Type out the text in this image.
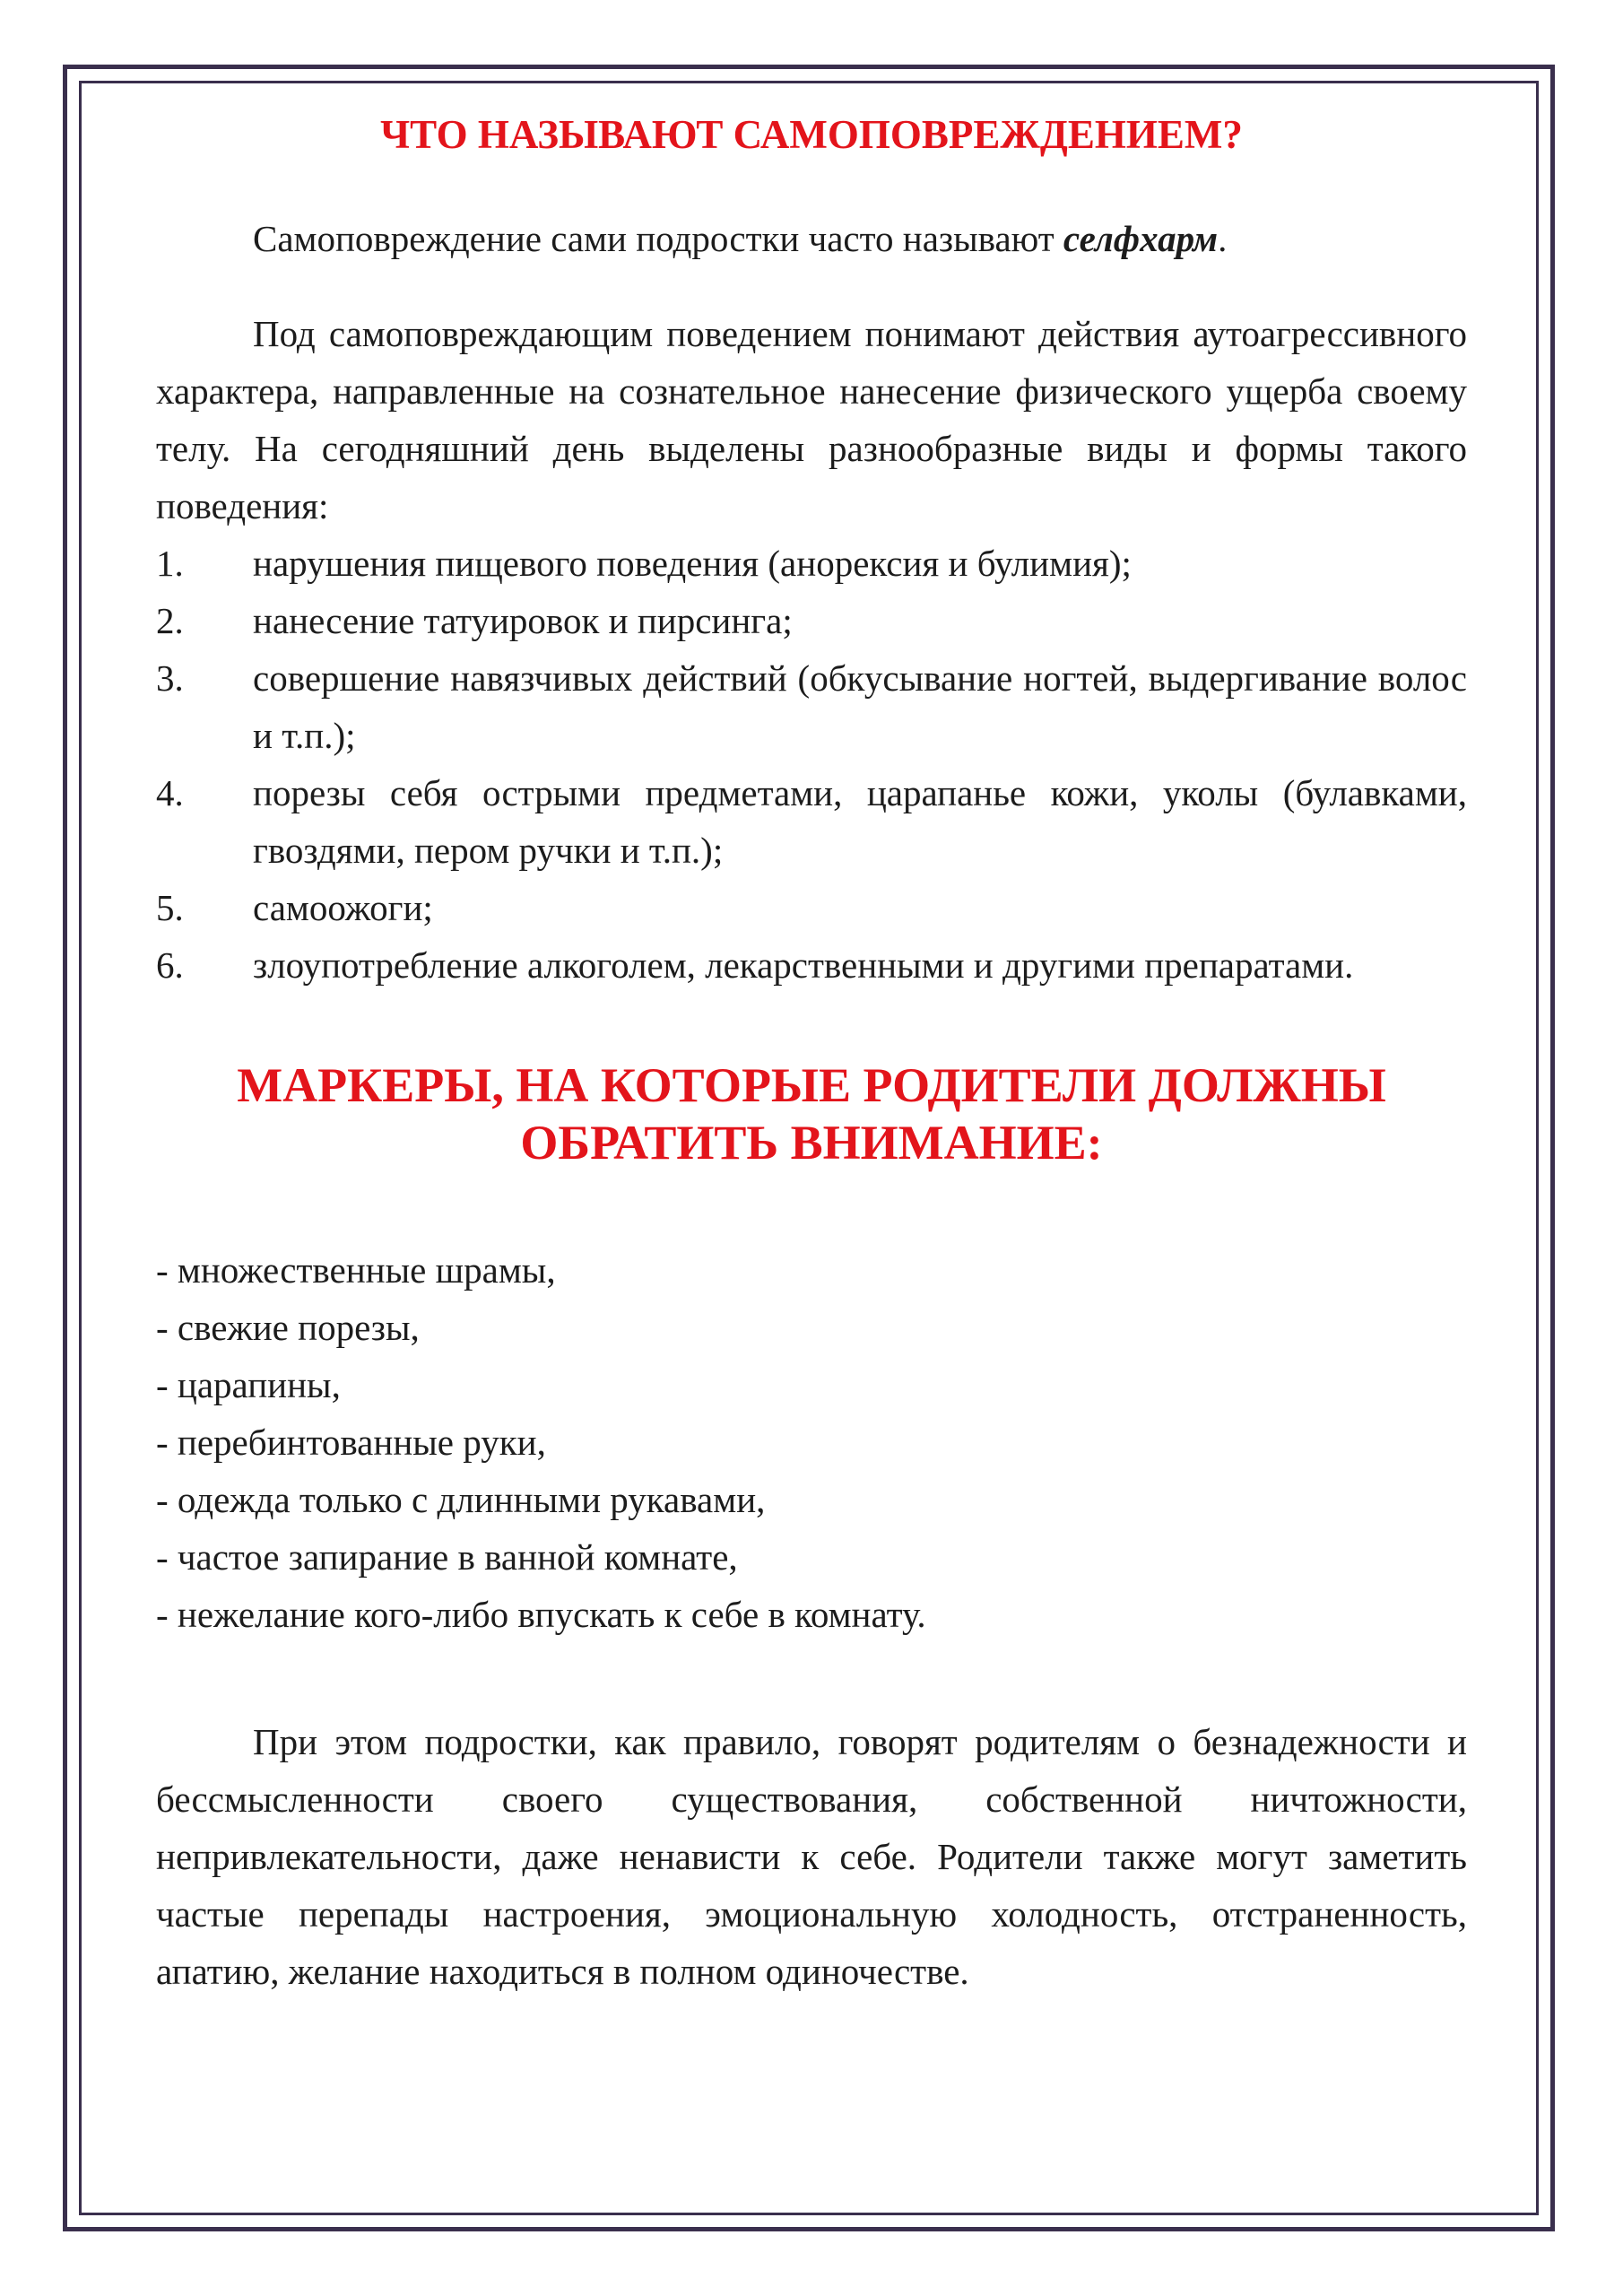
ЧТО НАЗЫВАЮТ САМОПОВРЕЖДЕНИЕМ?

Самоповреждение сами подростки часто называют селфхарм.

Под самоповреждающим поведением понимают действия аутоагрессивного характера, направленные на сознательное нанесение физического ущерба своему телу. На сегодняшний день выделены разнообразные виды и формы такого поведения:

1.	нарушения пищевого поведения (анорексия и булимия);
2.	нанесение татуировок и пирсинга;
3.	совершение навязчивых действий (обкусывание ногтей, выдергивание волос и т.п.);
4.	порезы себя острыми предметами, царапанье кожи, уколы (булавками, гвоздями, пером ручки и т.п.);
5.	самоожоги;
6.	злоупотребление алкоголем, лекарственными и другими препаратами.
МАРКЕРЫ, НА КОТОРЫЕ РОДИТЕЛИ ДОЛЖНЫ
ОБРАТИТЬ ВНИМАНИЕ:
- множественные шрамы,
- свежие порезы,
- царапины,
- перебинтованные руки,
- одежда только с длинными рукавами,
- частое запирание в ванной комнате,
- нежелание кого-либо впускать к себе в комнату.

При этом подростки, как правило, говорят родителям о безнадежности и бессмысленности своего существования, собственной ничтожности, непривлекательности, даже ненависти к себе. Родители также могут заметить частые перепады настроения, эмоциональную холодность, отстраненность, апатию, желание находиться в полном одиночестве.
